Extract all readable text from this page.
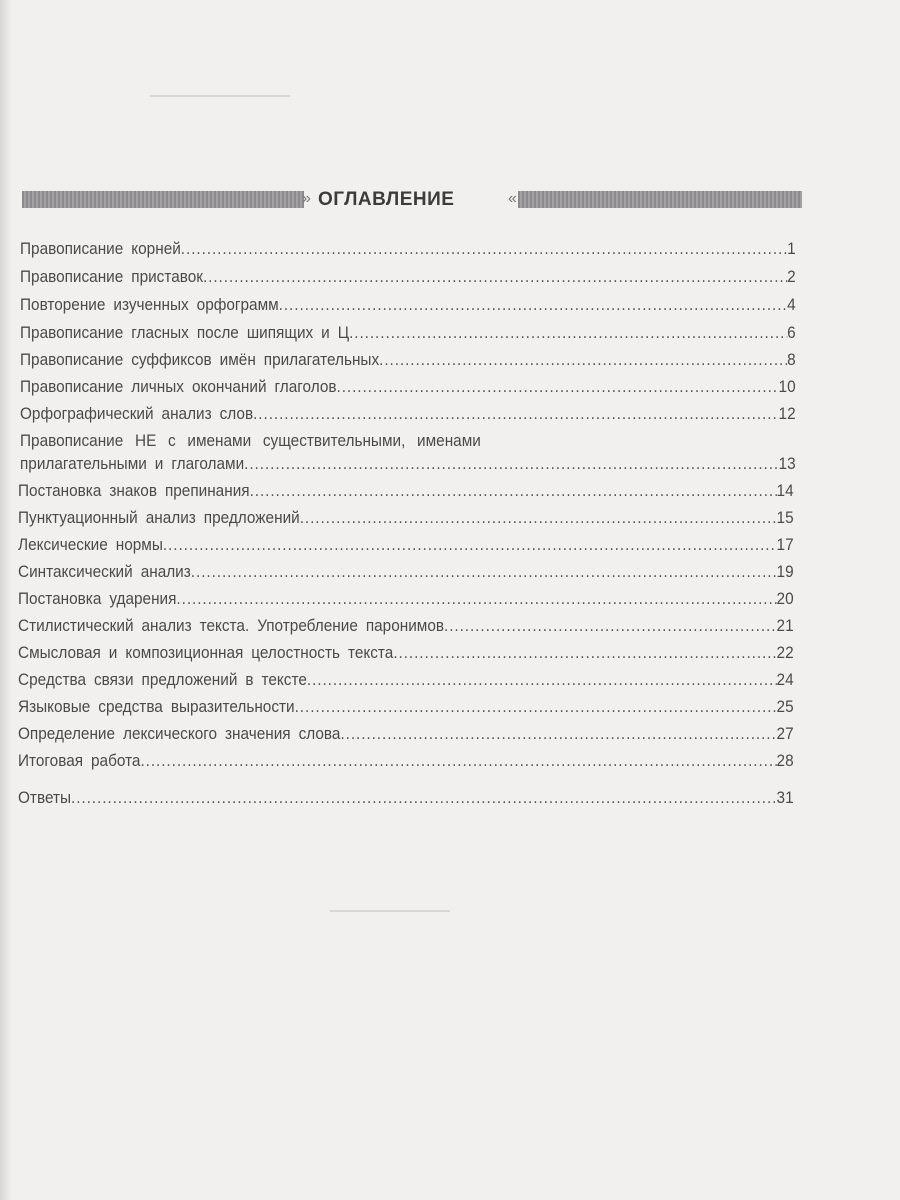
» ОГЛАВЛЕНИЕ	«
Правописание корней .....	1
Правописание приставок .....	2
Повторение изученных орфограмм .....	4
Правописание гласных после шипящих и Ц .....	6
Правописание суффиксов имён прилагательных .....	8
Правописание личных окончаний глаголов .....	10
Орфографический анализ слов .....	12
Правописание НЕ с именами существительными, именами
прилагательными и глаголами .....	13
Постановка знаков препинания .....	14
Пунктуационный анализ предложений .....	15
Лексические нормы .....	17
Синтаксический анализ .....	19
Постановка ударения .....	20
Стилистический анализ текста. Употребление паронимов .....	21
Смысловая и композиционная целостность текста .....	22
Средства связи предложений в тексте .....	24
Языковые средства выразительности .....	25
Определение лексического значения слова .....	27
Итоговая работа .....	28
Ответы .....	31
